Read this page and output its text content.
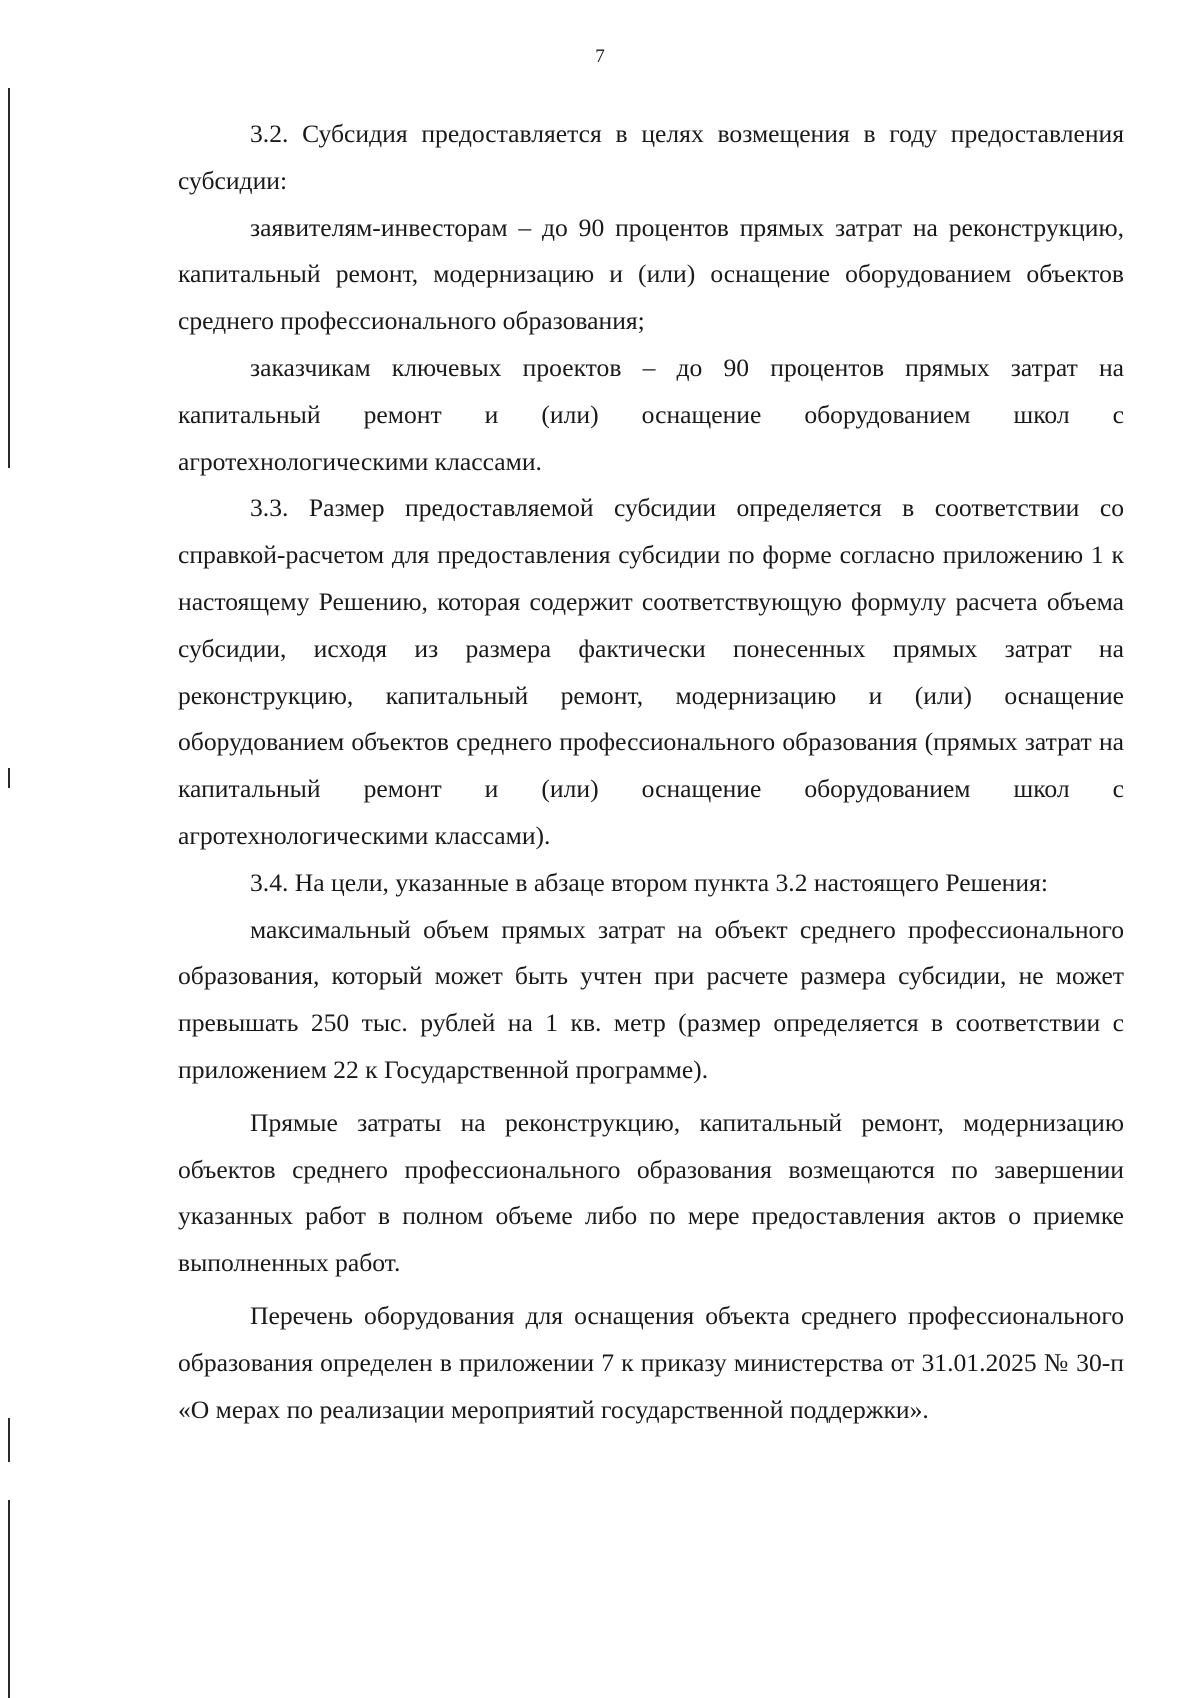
7

3.2. Субсидия предоставляется в целях возмещения в году предоставления субсидии:

заявителям-инвесторам – до 90 процентов прямых затрат на реконструкцию, капитальный ремонт, модернизацию и (или) оснащение оборудованием объектов среднего профессионального образования;

заказчикам ключевых проектов – до 90 процентов прямых затрат на капитальный ремонт и (или) оснащение оборудованием школ с агротехнологическими классами.

3.3. Размер предоставляемой субсидии определяется в соответствии со справкой-расчетом для предоставления субсидии по форме согласно приложению 1 к настоящему Решению, которая содержит соответствующую формулу расчета объема субсидии, исходя из размера фактически понесенных прямых затрат на реконструкцию, капитальный ремонт, модернизацию и (или) оснащение оборудованием объектов среднего профессионального образования (прямых затрат на капитальный ремонт и (или) оснащение оборудованием школ с агротехнологическими классами).

3.4. На цели, указанные в абзаце втором пункта 3.2 настоящего Решения:

максимальный объем прямых затрат на объект среднего профессионального образования, который может быть учтен при расчете размера субсидии, не может превышать 250 тыс. рублей на 1 кв. метр (размер определяется в соответствии с приложением 22 к Государственной программе).

Прямые затраты на реконструкцию, капитальный ремонт, модернизацию объектов среднего профессионального образования возмещаются по завершении указанных работ в полном объеме либо по мере предоставления актов о приемке выполненных работ.

Перечень оборудования для оснащения объекта среднего профессионального образования определен в приложении 7 к приказу министерства от 31.01.2025 № 30-п «О мерах по реализации мероприятий государственной поддержки».
